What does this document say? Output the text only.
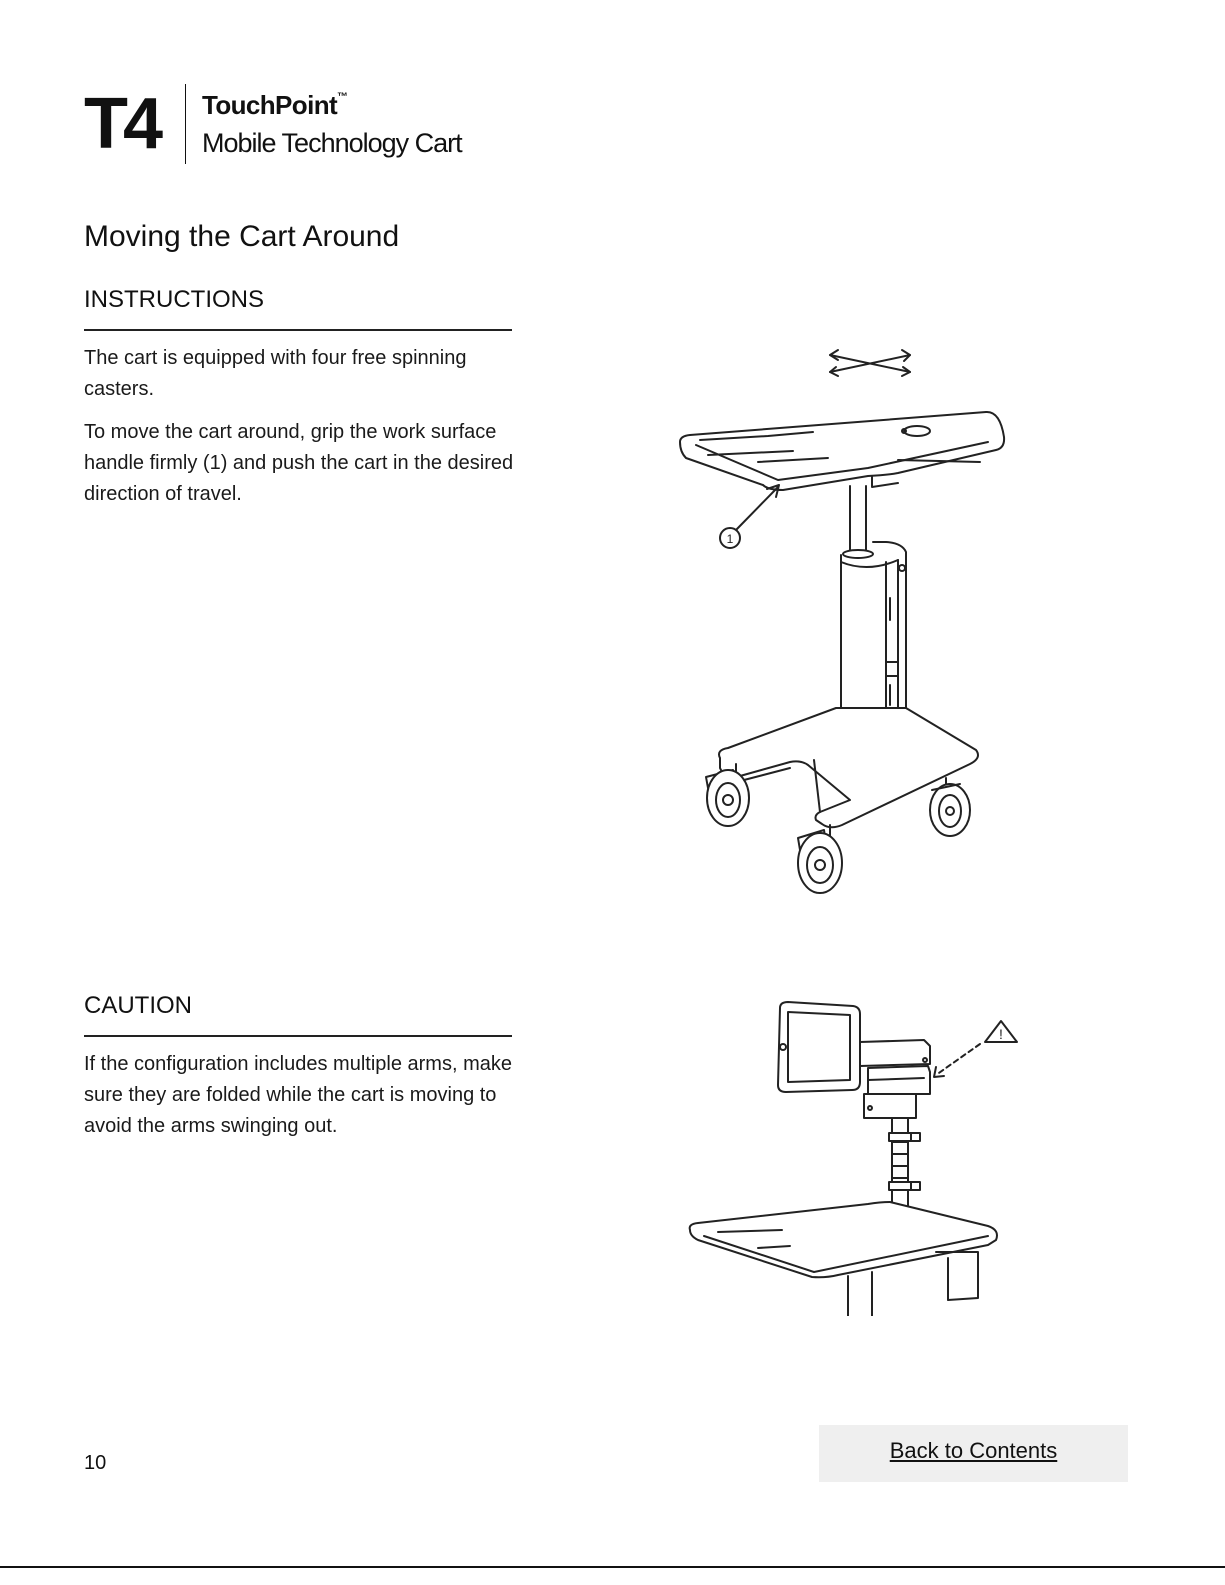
T4 TouchPoint™
Mobile Technology Cart
Moving the Cart Around
INSTRUCTIONS

The cart is equipped with four free spinning casters.

To move the cart around, grip the work surface handle firmly (1) and push the cart in the desired direction of travel.

CAUTION

If the configuration includes multiple arms, make sure they are folded while the cart is moving to avoid the arms swinging out.

1
!
10	Back to Contents
